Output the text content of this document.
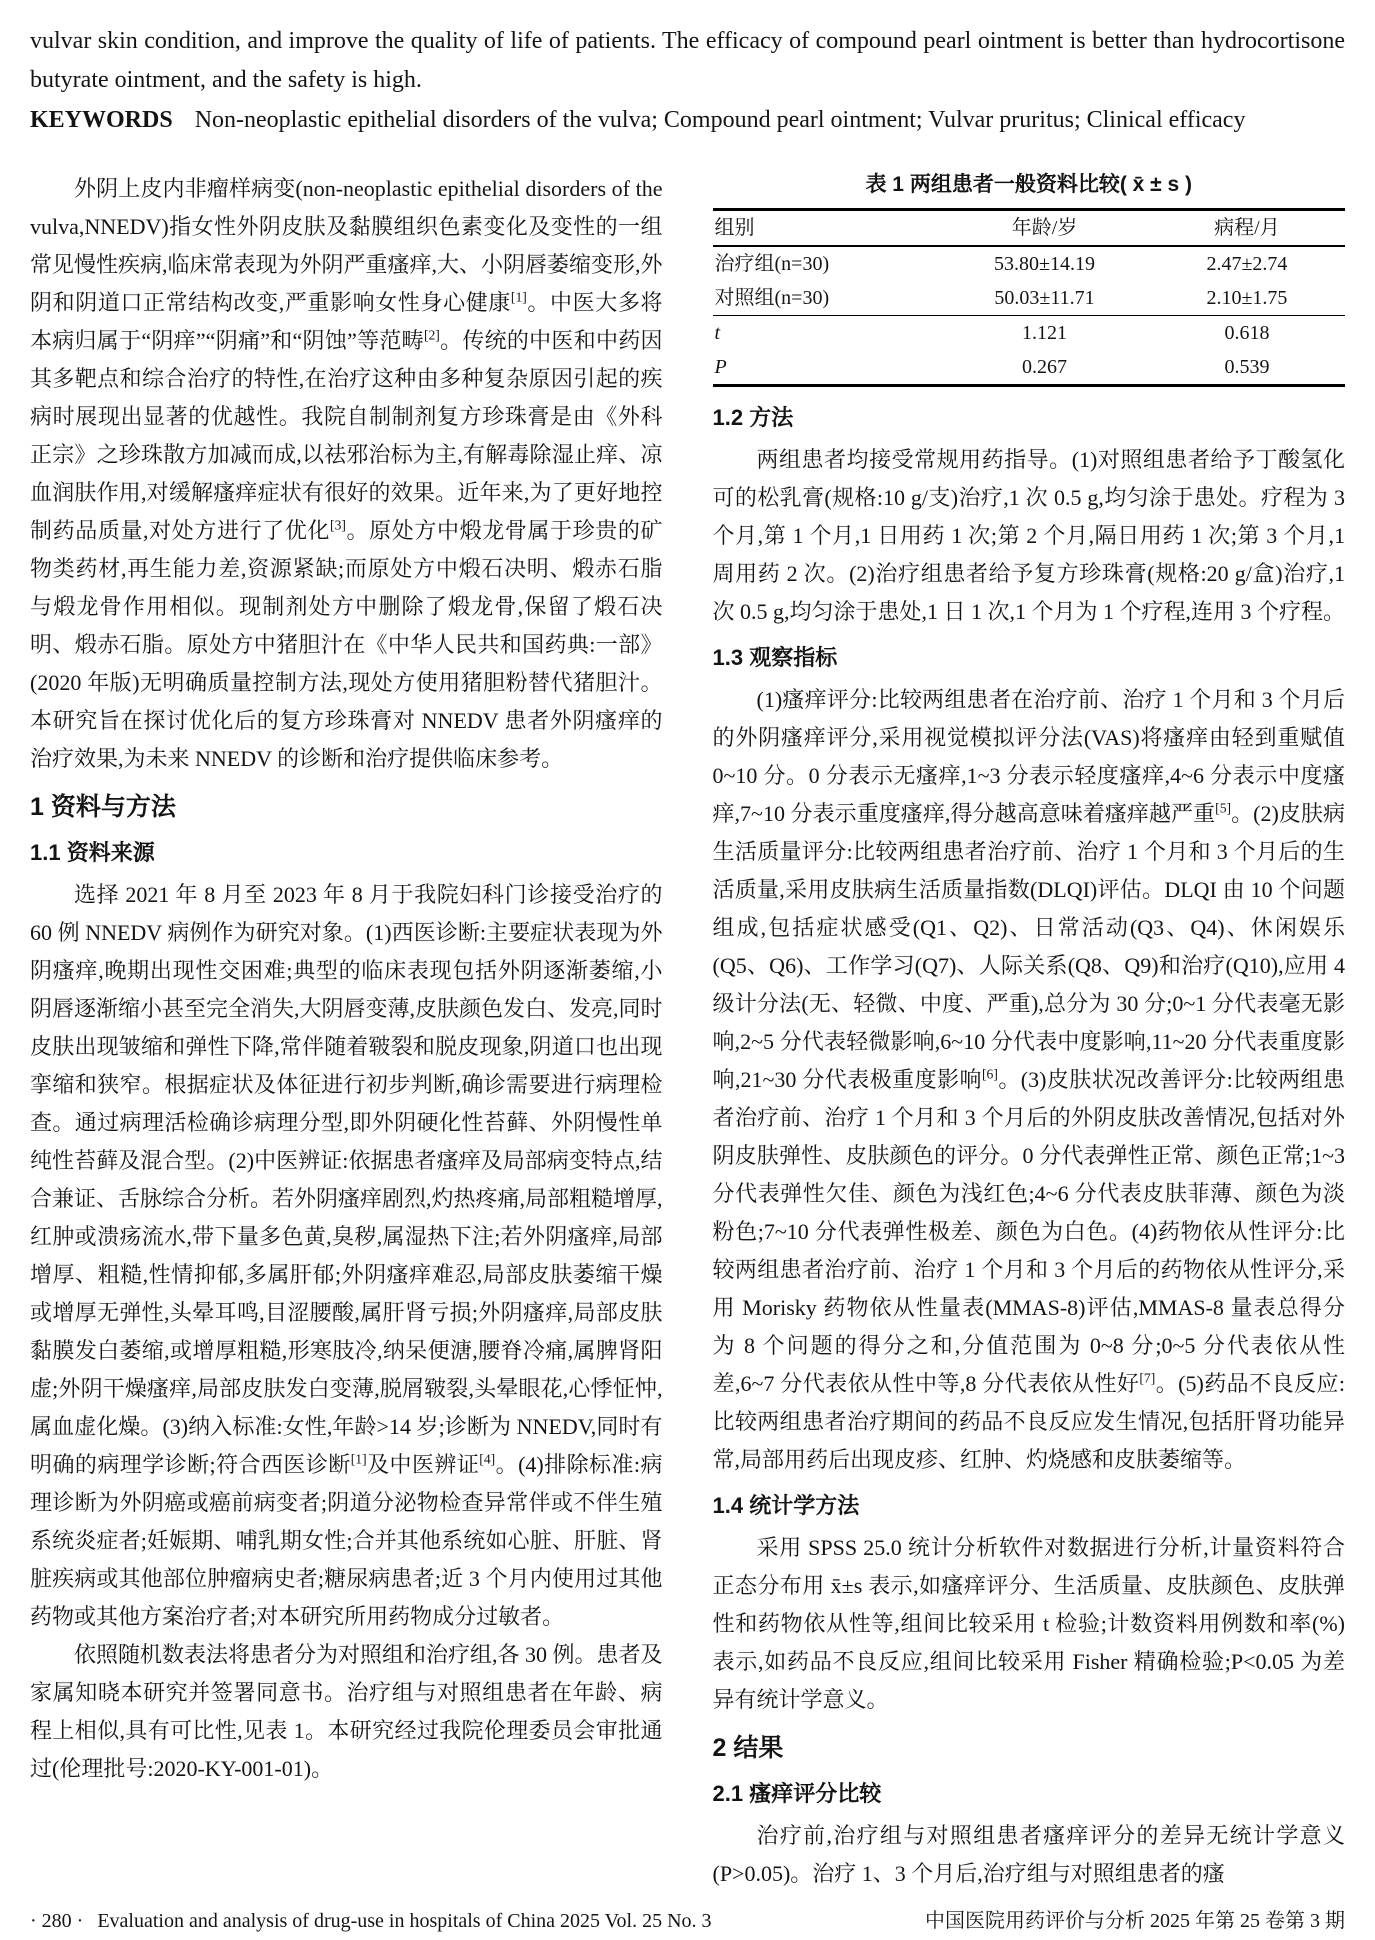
vulvar skin condition, and improve the quality of life of patients. The efficacy of compound pearl ointment is better than hydrocortisone butyrate ointment, and the safety is high.

KEYWORDS Non-neoplastic epithelial disorders of the vulva; Compound pearl ointment; Vulvar pruritus; Clinical efficacy

外阴上皮内非瘤样病变(non-neoplastic epithelial disorders of the vulva,NNEDV)指女性外阴皮肤及黏膜组织色素变化及变性的一组常见慢性疾病,临床常表现为外阴严重瘙痒,大、小阴唇萎缩变形,外阴和阴道口正常结构改变,严重影响女性身心健康[1]。中医大多将本病归属于“阴痒”“阴痛”和“阴蚀”等范畴[2]。传统的中医和中药因其多靶点和综合治疗的特性,在治疗这种由多种复杂原因引起的疾病时展现出显著的优越性。我院自制制剂复方珍珠膏是由《外科正宗》之珍珠散方加减而成,以祛邪治标为主,有解毒除湿止痒、凉血润肤作用,对缓解瘙痒症状有很好的效果。近年来,为了更好地控制药品质量,对处方进行了优化[3]。原处方中煅龙骨属于珍贵的矿物类药材,再生能力差,资源紧缺;而原处方中煅石决明、煅赤石脂与煅龙骨作用相似。现制剂处方中删除了煅龙骨,保留了煅石决明、煅赤石脂。原处方中猪胆汁在《中华人民共和国药典:一部》(2020 年版)无明确质量控制方法,现处方使用猪胆粉替代猪胆汁。本研究旨在探讨优化后的复方珍珠膏对 NNEDV 患者外阴瘙痒的治疗效果,为未来 NNEDV 的诊断和治疗提供临床参考。

1 资料与方法
1.1 资料来源

选择 2021 年 8 月至 2023 年 8 月于我院妇科门诊接受治疗的 60 例 NNEDV 病例作为研究对象。(1)西医诊断:主要症状表现为外阴瘙痒,晚期出现性交困难;典型的临床表现包括外阴逐渐萎缩,小阴唇逐渐缩小甚至完全消失,大阴唇变薄,皮肤颜色发白、发亮,同时皮肤出现皱缩和弹性下降,常伴随着皲裂和脱皮现象,阴道口也出现挛缩和狭窄。根据症状及体征进行初步判断,确诊需要进行病理检查。通过病理活检确诊病理分型,即外阴硬化性苔藓、外阴慢性单纯性苔藓及混合型。(2)中医辨证:依据患者瘙痒及局部病变特点,结合兼证、舌脉综合分析。若外阴瘙痒剧烈,灼热疼痛,局部粗糙增厚,红肿或溃疡流水,带下量多色黄,臭秽,属湿热下注;若外阴瘙痒,局部增厚、粗糙,性情抑郁,多属肝郁;外阴瘙痒难忍,局部皮肤萎缩干燥或增厚无弹性,头晕耳鸣,目涩腰酸,属肝肾亏损;外阴瘙痒,局部皮肤黏膜发白萎缩,或增厚粗糙,形寒肢冷,纳呆便溏,腰脊冷痛,属脾肾阳虚;外阴干燥瘙痒,局部皮肤发白变薄,脱屑皲裂,头晕眼花,心悸怔忡,属血虚化燥。(3)纳入标准:女性,年龄>14 岁;诊断为 NNEDV,同时有明确的病理学诊断;符合西医诊断[1]及中医辨证[4]。(4)排除标准:病理诊断为外阴癌或癌前病变者;阴道分泌物检查异常伴或不伴生殖系统炎症者;妊娠期、哺乳期女性;合并其他系统如心脏、肝脏、肾脏疾病或其他部位肿瘤病史者;糖尿病患者;近 3 个月内使用过其他药物或其他方案治疗者;对本研究所用药物成分过敏者。

依照随机数表法将患者分为对照组和治疗组,各 30 例。患者及家属知晓本研究并签署同意书。治疗组与对照组患者在年龄、病程上相似,具有可比性,见表 1。本研究经过我院伦理委员会审批通过(伦理批号:2020-KY-001-01)。

表 1 两组患者一般资料比较( x̄ ± s )
组别	年龄/岁	病程/月
治疗组(n=30)	53.80±14.19	2.47±2.74
对照组(n=30)	50.03±11.71	2.10±1.75
t	1.121	0.618
P	0.267	0.539
1.2 方法

两组患者均接受常规用药指导。(1)对照组患者给予丁酸氢化可的松乳膏(规格:10 g/支)治疗,1 次 0.5 g,均匀涂于患处。疗程为 3 个月,第 1 个月,1 日用药 1 次;第 2 个月,隔日用药 1 次;第 3 个月,1 周用药 2 次。(2)治疗组患者给予复方珍珠膏(规格:20 g/盒)治疗,1 次 0.5 g,均匀涂于患处,1 日 1 次,1 个月为 1 个疗程,连用 3 个疗程。

1.3 观察指标

(1)瘙痒评分:比较两组患者在治疗前、治疗 1 个月和 3 个月后的外阴瘙痒评分,采用视觉模拟评分法(VAS)将瘙痒由轻到重赋值 0~10 分。0 分表示无瘙痒,1~3 分表示轻度瘙痒,4~6 分表示中度瘙痒,7~10 分表示重度瘙痒,得分越高意味着瘙痒越严重[5]。(2)皮肤病生活质量评分:比较两组患者治疗前、治疗 1 个月和 3 个月后的生活质量,采用皮肤病生活质量指数(DLQI)评估。DLQI 由 10 个问题组成,包括症状感受(Q1、Q2)、日常活动(Q3、Q4)、休闲娱乐(Q5、Q6)、工作学习(Q7)、人际关系(Q8、Q9)和治疗(Q10),应用 4 级计分法(无、轻微、中度、严重),总分为 30 分;0~1 分代表毫无影响,2~5 分代表轻微影响,6~10 分代表中度影响,11~20 分代表重度影响,21~30 分代表极重度影响[6]。(3)皮肤状况改善评分:比较两组患者治疗前、治疗 1 个月和 3 个月后的外阴皮肤改善情况,包括对外阴皮肤弹性、皮肤颜色的评分。0 分代表弹性正常、颜色正常;1~3 分代表弹性欠佳、颜色为浅红色;4~6 分代表皮肤菲薄、颜色为淡粉色;7~10 分代表弹性极差、颜色为白色。(4)药物依从性评分:比较两组患者治疗前、治疗 1 个月和 3 个月后的药物依从性评分,采用 Morisky 药物依从性量表(MMAS-8)评估,MMAS-8 量表总得分为 8 个问题的得分之和,分值范围为 0~8 分;0~5 分代表依从性差,6~7 分代表依从性中等,8 分代表依从性好[7]。(5)药品不良反应:比较两组患者治疗期间的药品不良反应发生情况,包括肝肾功能异常,局部用药后出现皮疹、红肿、灼烧感和皮肤萎缩等。

1.4 统计学方法

采用 SPSS 25.0 统计分析软件对数据进行分析,计量资料符合正态分布用 x̄±s 表示,如瘙痒评分、生活质量、皮肤颜色、皮肤弹性和药物依从性等,组间比较采用 t 检验;计数资料用例数和率(%)表示,如药品不良反应,组间比较采用 Fisher 精确检验;P<0.05 为差异有统计学意义。

2 结果
2.1 瘙痒评分比较

治疗前,治疗组与对照组患者瘙痒评分的差异无统计学意义(P>0.05)。治疗 1、3 个月后,治疗组与对照组患者的瘙

· 280 · Evaluation and analysis of drug-use in hospitals of China 2025 Vol. 25 No. 3	中国医院用药评价与分析 2025 年第 25 卷第 3 期
